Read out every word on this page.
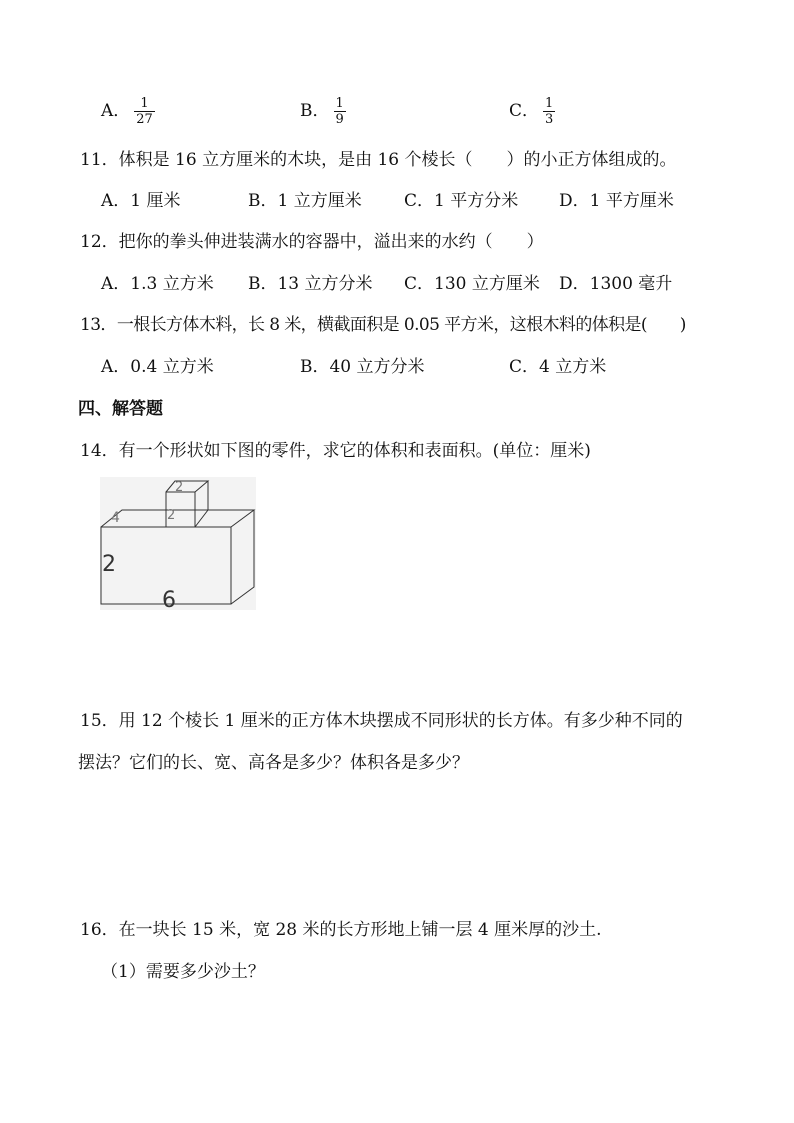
A． $\frac{1}{27}$	B． $\frac{1}{9}$	C． $\frac{1}{3}$
11．体积是 16 立方厘米的木块，是由 16 个棱长（　　）的小正方体组成的。
A．1 厘米	B．1 立方厘米 C．1 平方分米 D．1 平方厘米
12．把你的拳头伸进装满水的容器中，溢出来的水约（　　）
A．1.3 立方米 B．13 立方分米 C．130 立方厘米 D．1300 毫升
13．一根长方体木料，长 8 米，横截面积是 0.05 平方米，这根木料的体积是(　　)
A．0.4 立方米	B．40 立方分米	C．4 立方米
四、解答题
14．有一个形状如下图的零件，求它的体积和表面积。(单位：厘米)
2
2
4
2
6
15．用 12 个棱长 1 厘米的正方体木块摆成不同形状的长方体。有多少种不同的
摆法？它们的长、宽、高各是多少？体积各是多少？
16．在一块长 15 米，宽 28 米的长方形地上铺一层 4 厘米厚的沙土.
（1）需要多少沙土？
